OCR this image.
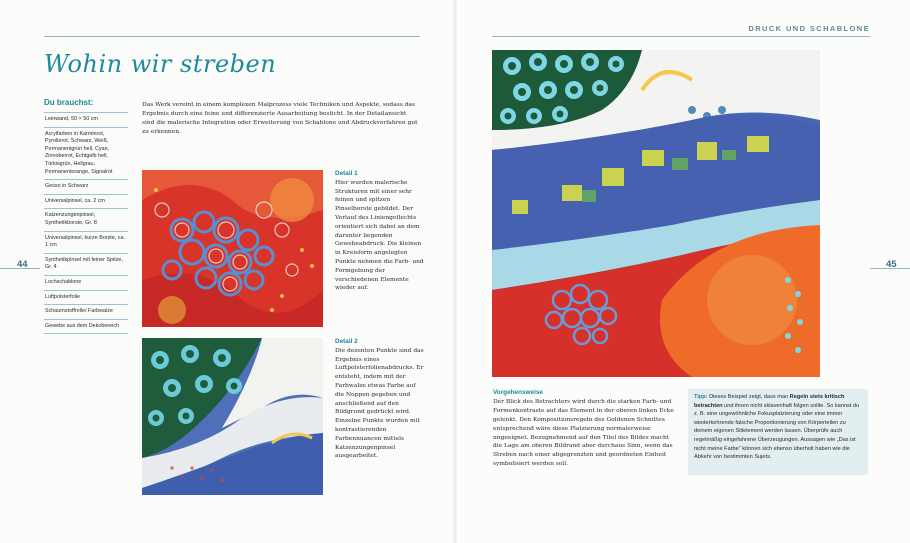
DRUCK UND SCHABLONE
44	45
Wohin wir streben
Du brauchst:
Leinwand, 50 × 50 cm
Acrylfarben in Karminrot, Pyrollerot, Schwarz, Weiß, Permanentgrün hell, Cyan, Zinnoberrot, Echtgelb hell, Türkisgrün, Hellgrau, Permanentorange, Signalrot
Gesso in Schwarz
Universalpinsel, ca. 2 cm
Katzenzungenpinsel, Synthetikborste, Gr. 8
Universalpinsel, kurze Borste, ca. 1 cm
Synthetikpinsel mit feiner Spitze, Gr. 4
Lochschablone
Luftpolsterfolie
Schaumstoffrolle/ Farbwalze
Gewebe aus dem Dekobereich
Das Werk vereint in einem komplexen Malprozess viele Techniken und Aspekte, sodass das Ergebnis durch eine feine und differenzierte Ausarbeitung besticht. In der Detailansicht sind die malerische Integration oder Erweiterung von Schablone und Abdruckverfahren gut zu erkennen.
Detail 1
Hier wurden malerische Strukturen mit einer sehr feinen und spitzen Pinselborste gebildet. Der Verlauf des Liniengeflechts orientiert sich dabei an dem darunter liegenden Gewebeabdruck. Die kleinen in Kreisform angelegten Punkte nehmen die Farb- und Formgebung der verschiedenen Elemente wieder auf.
Detail 2
Die dezenten Punkte sind das Ergebnis eines Luftpolsterfolienabdrucks. Er entsteht, indem mit der Farbwalze etwas Farbe auf die Noppen gegeben und anschließend auf den Bildgrund gedrückt wird. Einzelne Punkte wurden mit kontrastierenden Farbennuancen mittels Katzenzungenpinsel ausgearbeitet.
Vorgehensweise
Der Blick des Betrachters wird durch die starken Farb- und Formenkontraste auf das Element in der oberen linken Ecke gelenkt. Den Kompositionsregeln des Goldenen Schnittes entsprechend wäre diese Platzierung normalerweise ungeeignet. Bezugnehmend auf den Titel des Bildes macht die Lage am oberen Bildrand aber durchaus Sinn, wenn das Streben nach einer abgegrenzten und geordneten Einheit symbolisiert werden soll.
Tipp: Dieses Beispiel zeigt, dass man Regeln stets kritisch betrachten und ihnen nicht sklavenhaft folgen sollte. So kannst du z. B. eine ungewöhnliche Fokusplatzierung oder eine immer wiederkehrende falsche Proportionierung von Körperteilen zu deinem eigenen Stilelement werden lassen. Überprüfe auch regelmäßig eingefahrene Überzeugungen. Aussagen wie „Das ist nicht meine Farbe“ können sich ebenso überholt haben wie die Abkehr von bestimmten Sujets.
